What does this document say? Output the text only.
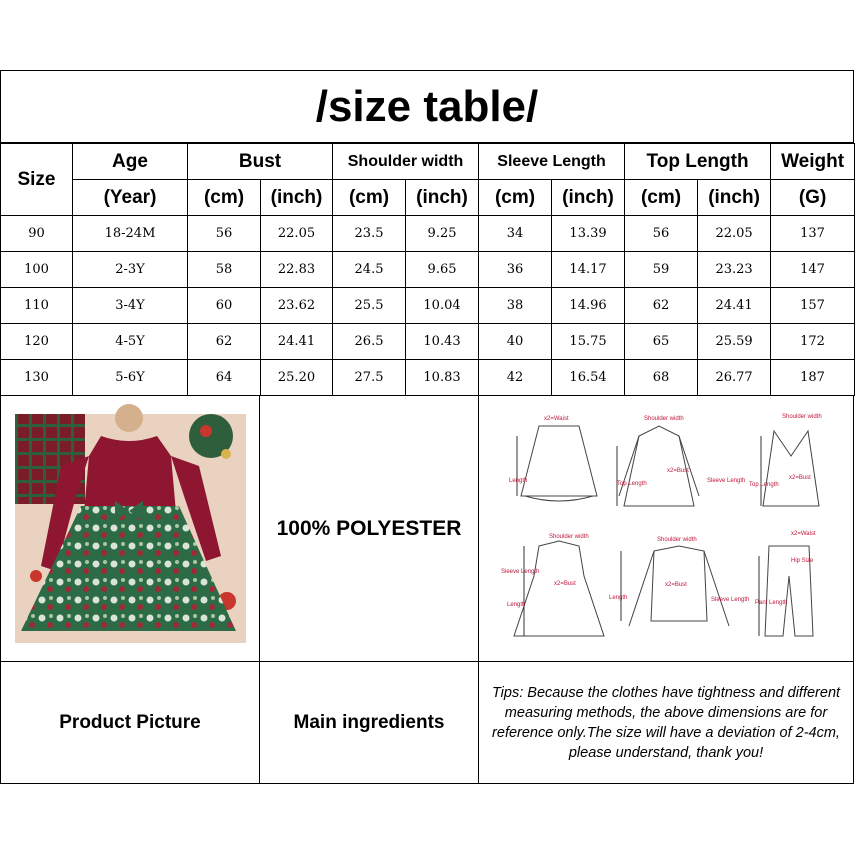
/size table/
Size	Age	Bust		Shoulder width		Sleeve Length		Top Length		Weight
	(Year)	(cm)	(inch)	(cm)	(inch)	(cm)	(inch)	(cm)	(inch)	(G)
90	18-24M	56	22.05	23.5	9.25	34	13.39	56	22.05	137
100	2-3Y	58	22.83	24.5	9.65	36	14.17	59	23.23	147
110	3-4Y	60	23.62	25.5	10.04	38	14.96	62	24.41	157
120	4-5Y	62	24.41	26.5	10.43	40	15.75	65	25.59	172
130	5-6Y	64	25.20	27.5	10.83	42	16.54	68	26.77	187
100% POLYESTER
x2=Waist	Shoulder width	Shoulder width
x2=Bust
x2=Bust
Length	Top Length	Sleeve Length
Top Length
Shoulder width
Sleeve Length
x2=Bust
Length
Shoulder width
x2=Bust
Length	Sleeve Length
x2=Waist
Hip Size
Pant Length
Product Picture	Main ingredients
Tips: Because the clothes have tightness and different measuring methods, the above dimensions are for reference only.The size will have a deviation of 2-4cm, please understand, thank you!
